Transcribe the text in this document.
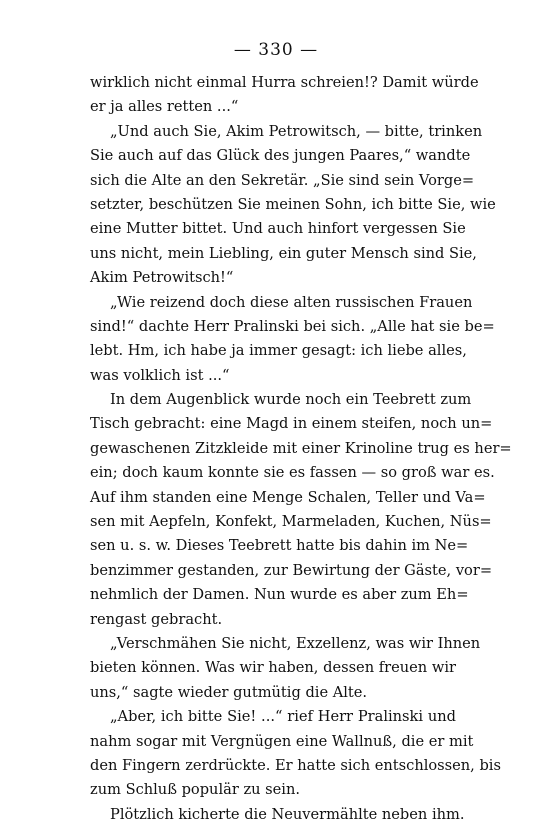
— 330 —
wirklich nicht einmal Hurra schreien!? Damit würde
er ja alles retten ...“
„Und auch Sie, Akim Petrowitsch, — bitte, trinken
Sie auch auf das Glück des jungen Paares,“ wandte
sich die Alte an den Sekretär. „Sie sind sein Vorge=
setzter, beschützen Sie meinen Sohn, ich bitte Sie, wie
eine Mutter bittet. Und auch hinfort vergessen Sie
uns nicht, mein Liebling, ein guter Mensch sind Sie,
Akim Petrowitsch!“
„Wie reizend doch diese alten russischen Frauen
sind!“ dachte Herr Pralinski bei sich. „Alle hat sie be=
lebt. Hm, ich habe ja immer gesagt: ich liebe alles,
was volklich ist ...“
In dem Augenblick wurde noch ein Teebrett zum
Tisch gebracht: eine Magd in einem steifen, noch un=
gewaschenen Zitzkleide mit einer Krinoline trug es her=
ein; doch kaum konnte sie es fassen — so groß war es.
Auf ihm standen eine Menge Schalen, Teller und Va=
sen mit Aepfeln, Konfekt, Marmeladen, Kuchen, Nüs=
sen u. s. w. Dieses Teebrett hatte bis dahin im Ne=
benzimmer gestanden, zur Bewirtung der Gäste, vor=
nehmlich der Damen. Nun wurde es aber zum Eh=
rengast gebracht.
„Verschmähen Sie nicht, Exzellenz, was wir Ihnen
bieten können. Was wir haben, dessen freuen wir
uns,“ sagte wieder gutmütig die Alte.
„Aber, ich bitte Sie! ...“ rief Herr Pralinski und
nahm sogar mit Vergnügen eine Wallnuß, die er mit
den Fingern zerdrückte. Er hatte sich entschlossen, bis
zum Schluß populär zu sein.
Plötzlich kicherte die Neuvermählte neben ihm.
